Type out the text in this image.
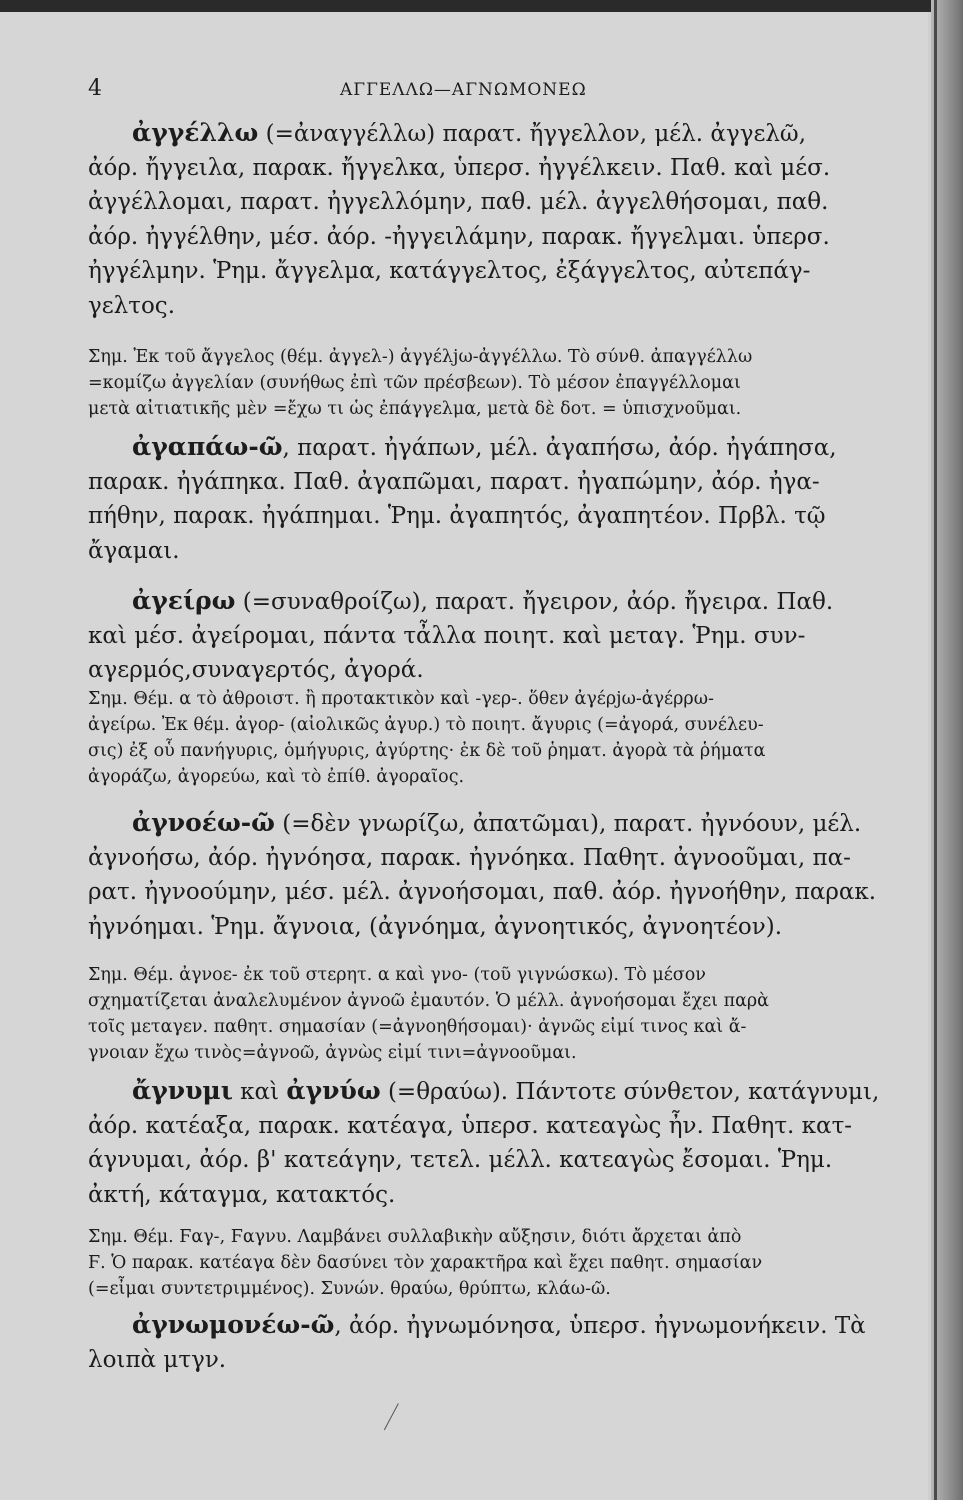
4	ΑΓΓΕΛΛΩ—ΑΓΝΩΜΟΝΕΩ
ἀγγέλλω (=ἀναγγέλλω) παρατ. ἤγγελλον, μέλ. ἀγγελῶ,
ἀόρ. ἤγγειλα, παρακ. ἤγγελκα, ὑπερσ. ἠγγέλκειν. Παθ. καὶ μέσ.
ἀγγέλλομαι, παρατ. ἠγγελλόμην, παθ. μέλ. ἀγγελθήσομαι, παθ.
ἀόρ. ἠγγέλθην, μέσ. ἀόρ. -ἠγγειλάμην, παρακ. ἤγγελμαι. ὑπερσ.
ἠγγέλμην. Ῥημ. ἄγγελμα, κατάγγελτος, ἐξάγγελτος, αὐτεπάγ-
γελτος.
Σημ. Ἐκ τοῦ ἄγγελος (θέμ. ἀγγελ-) ἀγγέλjω-ἀγγέλλω. Τὸ σύνθ. ἀπαγγέλλω
=κομίζω ἀγγελίαν (συνήθως ἐπὶ τῶν πρέσβεων). Τὸ μέσον ἐπαγγέλλομαι
μετὰ αἰτιατικῆς μὲν =ἔχω τι ὡς ἐπάγγελμα, μετὰ δὲ δοτ. = ὑπισχνοῦμαι.
ἀγαπάω-ῶ, παρατ. ἠγάπων, μέλ. ἀγαπήσω, ἀόρ. ἠγάπησα,
παρακ. ἠγάπηκα. Παθ. ἀγαπῶμαι, παρατ. ἠγαπώμην, ἀόρ. ἠγα-
πήθην, παρακ. ἠγάπημαι. Ῥημ. ἀγαπητός, ἀγαπητέον. Πρβλ. τῷ
ἄγαμαι.
ἀγείρω (=συναθροίζω), παρατ. ἤγειρον, ἀόρ. ἤγειρα. Παθ.
καὶ μέσ. ἀγείρομαι, πάντα τἆλλα ποιητ. καὶ μεταγ. Ῥημ. συν-
αγερμός,συναγερτός, ἀγορά.
Σημ. Θέμ. α τὸ ἀθροιστ. ἢ προτακτικὸν καὶ -γερ-. ὅθεν ἀγέρjω-ἀγέρρω-
ἀγείρω. Ἐκ θέμ. ἀγορ- (αἰολικῶς ἀγυρ.) τὸ ποιητ. ἄγυρις (=ἀγορά, συνέλευ-
σις) ἐξ οὗ πανήγυρις, ὁμήγυρις, ἀγύρτης· ἐκ δὲ τοῦ ῥηματ. ἀγορὰ τὰ ῥήματα
ἀγοράζω, ἀγορεύω, καὶ τὸ ἐπίθ. ἀγοραῖος.
ἀγνοέω-ῶ (=δὲν γνωρίζω, ἀπατῶμαι), παρατ. ἠγνόουν, μέλ.
ἀγνοήσω, ἀόρ. ἠγνόησα, παρακ. ἠγνόηκα. Παθητ. ἀγνοοῦμαι, πα-
ρατ. ἠγνοούμην, μέσ. μέλ. ἀγνοήσομαι, παθ. ἀόρ. ἠγνοήθην, παρακ.
ἠγνόημαι. Ῥημ. ἄγνοια, (ἀγνόημα, ἀγνοητικός, ἀγνοητέον).
Σημ. Θέμ. ἀγνοε- ἐκ τοῦ στερητ. α καὶ γνο- (τοῦ γιγνώσκω). Τὸ μέσον
σχηματίζεται ἀναλελυμένον ἀγνοῶ ἐμαυτόν. Ὁ μέλλ. ἀγνοήσομαι ἔχει παρὰ
τοῖς μεταγεν. παθητ. σημασίαν (=ἀγνοηθήσομαι)· ἀγνῶς εἰμί τινος καὶ ἄ-
γνοιαν ἔχω τινὸς=ἀγνοῶ, ἀγνὼς εἰμί τινι=ἀγνοοῦμαι.
ἄγνυμι καὶ ἀγνύω (=θραύω). Πάντοτε σύνθετον, κατάγνυμι,
ἀόρ. κατέαξα, παρακ. κατέαγα, ὑπερσ. κατεαγὼς ἦν. Παθητ. κατ-
άγνυμαι, ἀόρ. β' κατεάγην, τετελ. μέλλ. κατεαγὼς ἔσομαι. Ῥημ.
ἀκτή, κάταγμα, κατακτός.
Σημ. Θέμ. Ϝαγ-, Ϝαγνυ. Λαμβάνει συλλαβικὴν αὔξησιν, διότι ἄρχεται ἀπὸ
Ϝ. Ὁ παρακ. κατέαγα δὲν δασύνει τὸν χαρακτῆρα καὶ ἔχει παθητ. σημασίαν
(=εἶμαι συντετριμμένος). Συνών. θραύω, θρύπτω, κλάω-ῶ.
ἀγνωμονέω-ῶ, ἀόρ. ἠγνωμόνησα, ὑπερσ. ἠγνωμονήκειν. Τὰ
λοιπὰ μτγν.
